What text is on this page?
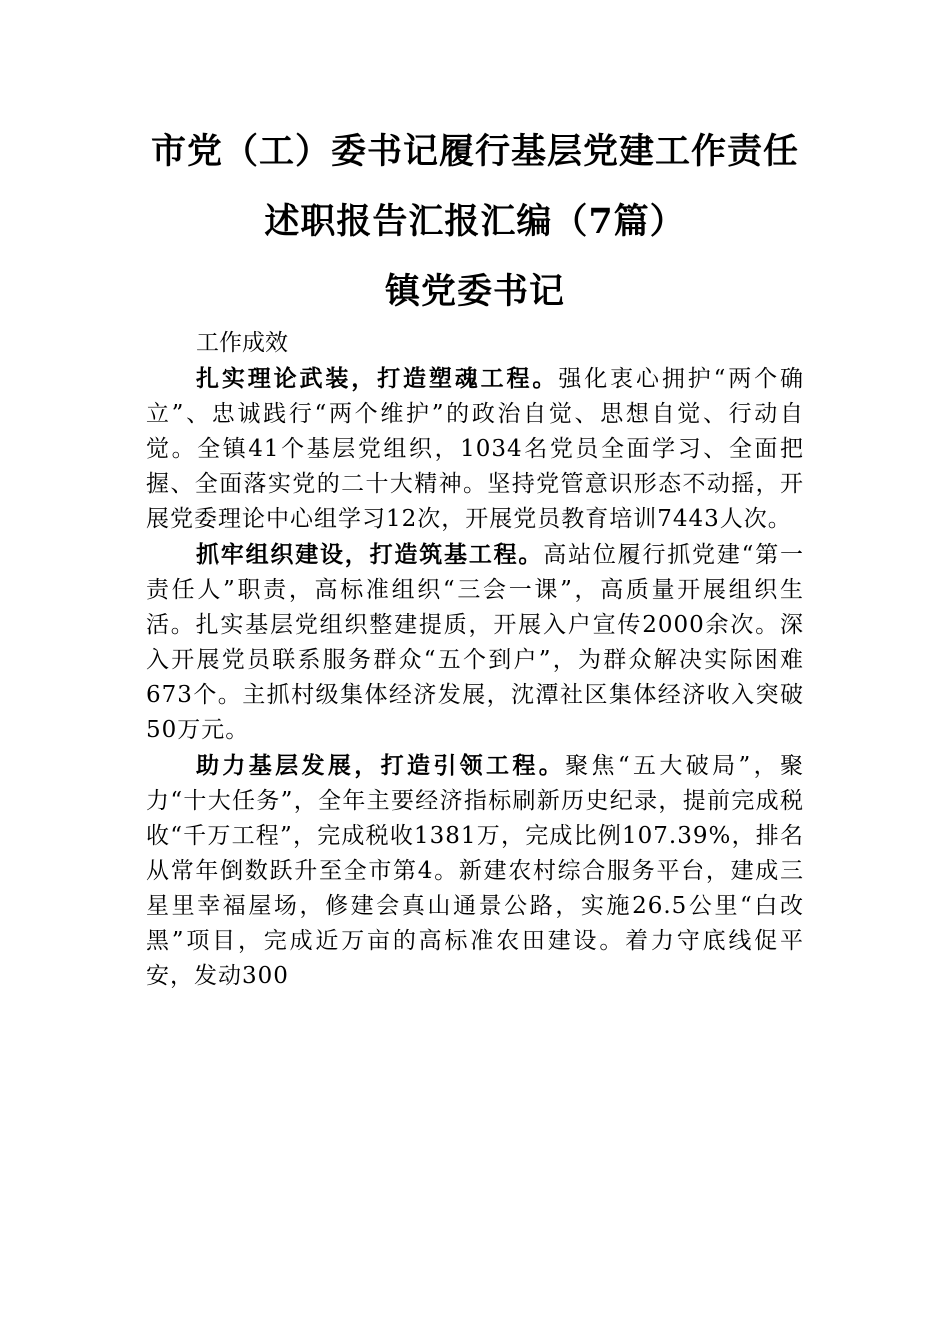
市党（工）委书记履行基层党建工作责任
述职报告汇报汇编（7篇）
镇党委书记

工作成效

扎实理论武装，打造塑魂工程。强化衷心拥护“两个确立”、忠诚践行“两个维护”的政治自觉、思想自觉、行动自觉。全镇41个基层党组织，1034名党员全面学习、全面把握、全面落实党的二十大精神。坚持党管意识形态不动摇，开展党委理论中心组学习12次，开展党员教育培训7443人次。

抓牢组织建设，打造筑基工程。高站位履行抓党建“第一责任人”职责，高标准组织“三会一课”，高质量开展组织生活。扎实基层党组织整建提质，开展入户宣传2000余次。深入开展党员联系服务群众“五个到户”，为群众解决实际困难673个。主抓村级集体经济发展，沈潭社区集体经济收入突破50万元。

助力基层发展，打造引领工程。聚焦“五大破局”，聚力“十大任务”，全年主要经济指标刷新历史纪录，提前完成税收“千万工程”，完成税收1381万，完成比例107.39%，排名从常年倒数跃升至全市第4。新建农村综合服务平台，建成三星里幸福屋场，修建会真山通景公路，实施26.5公里“白改黑”项目，完成近万亩的高标准农田建设。着力守底线促平安，发动300
